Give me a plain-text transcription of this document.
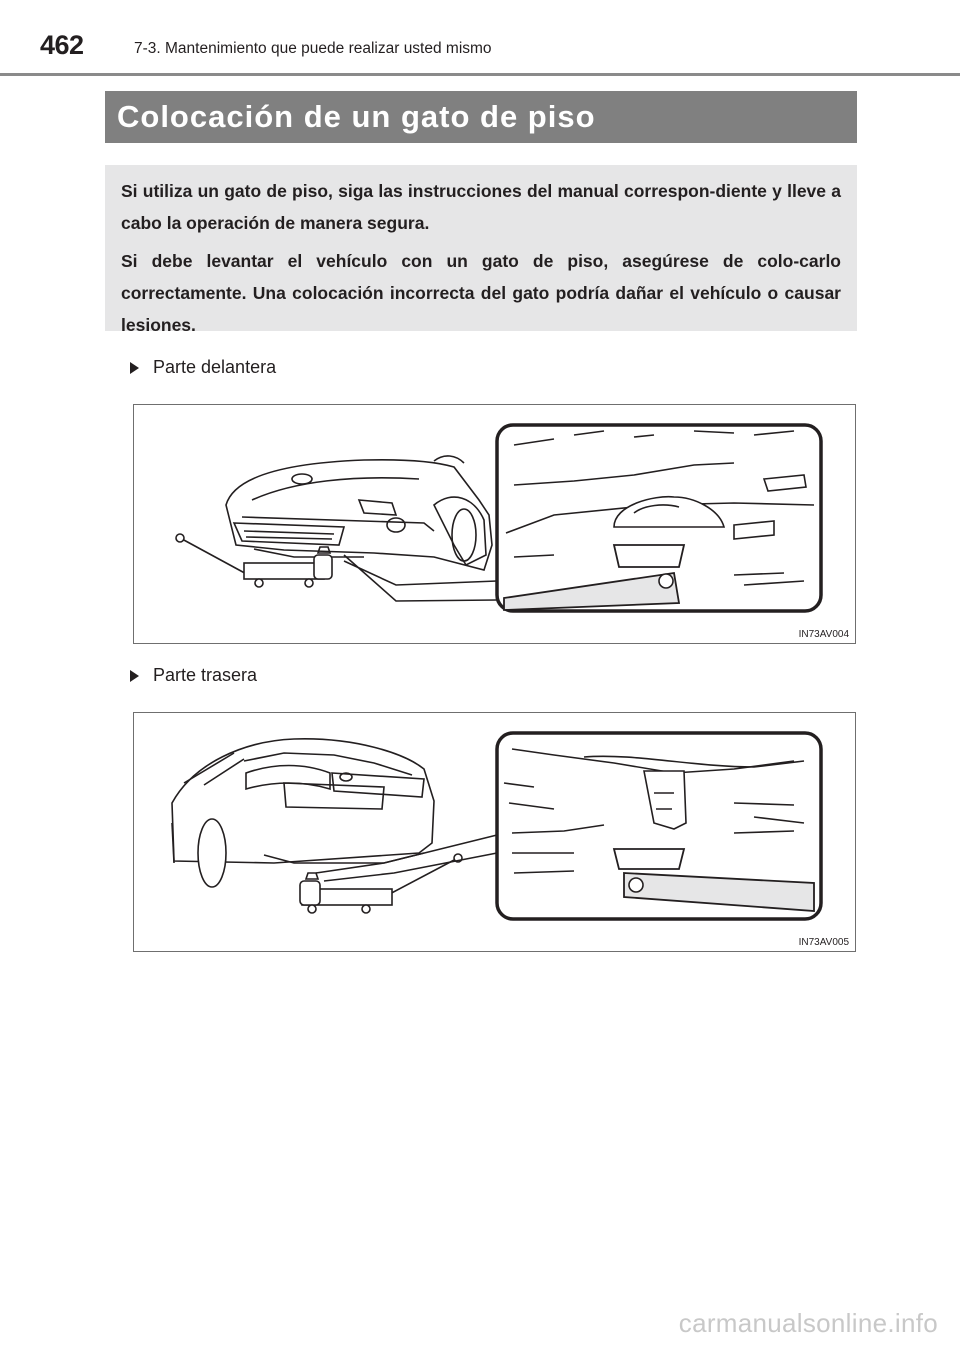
462	7-3. Mantenimiento que puede realizar usted mismo
Colocación de un gato de piso

Si utiliza un gato de piso, siga las instrucciones del manual correspon-diente y lleve a cabo la operación de manera segura.

Si debe levantar el vehículo con un gato de piso, asegúrese de colo-carlo correctamente. Una colocación incorrecta del gato podría dañar el vehículo o causar lesiones.

Parte delantera
IN73AV004
Parte trasera
IN73AV005
carmanualsonline.info
